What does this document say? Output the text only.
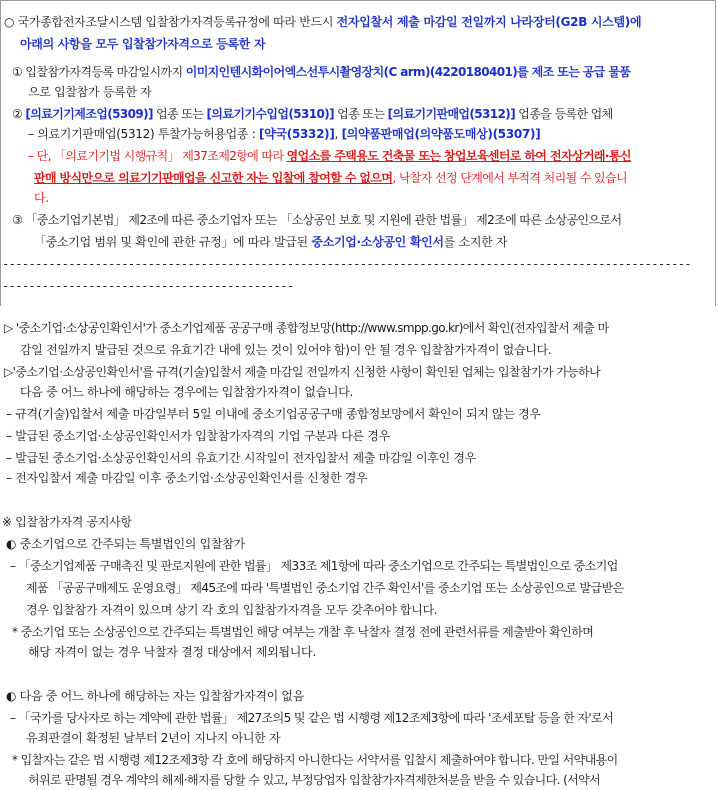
○ 국가종합전자조달시스템 입찰참가자격등록규정에 따라 반드시 전자입찰서 제출 마감일 전일까지 나라장터(G2B 시스템)에
아래의 사항을 모두 입찰참가자격으로 등록한 자
① 입찰참가자격등록 마감일시까지 이미지인텐시화이어엑스선투시촬영장치(C arm)(4220180401)를 제조 또는 공급 물품
으로 입찰참가 등록한 자
② [의료기기제조업(5309)] 업종 또는 [의료기기수입업(5310)] 업종 또는 [의료기기판매업(5312)] 업종을 등록한 업체
– 의료기기판매업(5312) 투찰가능허용업종 : [약국(5332)], [의약품판매업(의약품도매상)(5307)]
– 단, 「의료기기법 시행규칙」 제37조제2항에 따라 영업소를 주택용도 건축물 또는 창업보육센터로 하여 전자상거래·통신
판매 방식만으로 의료기기판매업을 신고한 자는 입찰에 참여할 수 없으며, 낙찰자 선정 단계에서 부적격 처리될 수 있습니
다.
③ 「중소기업기본법」 제2조에 따른 중소기업자 또는 「소상공인 보호 및 지원에 관한 법률」 제2조에 따른 소상공인으로서
「중소기업 범위 및 확인에 관한 규정」에 따라 발급된 중소기업·소상공인 확인서를 소지한 자
--------------------------------------------------------------------------------------------------------
--------------------------------------------
▷ '중소기업·소상공인확인서'가 중소기업제품 공공구매 종합정보망(http://www.smpp.go.kr)에서 확인(전자입찰서 제출 마
감일 전일까지 발급된 것으로 유효기간 내에 있는 것이 있어야 함)이 안 될 경우 입찰참가자격이 없습니다.
▷'중소기업·소상공인확인서'를 규격(기술)입찰서 제출 마감일 전일까지 신청한 사항이 확인된 업체는 입찰참가가 가능하나
다음 중 어느 하나에 해당하는 경우에는 입찰참가자격이 없습니다.
– 규격(기술)입찰서 제출 마감일부터 5일 이내에 중소기업공공구매 종합정보망에서 확인이 되지 않는 경우
– 발급된 중소기업·소상공인확인서가 입찰참가자격의 기업 구분과 다른 경우
– 발급된 중소기업·소상공인확인서의 유효기간 시작일이 전자입찰서 제출 마감일 이후인 경우
– 전자입찰서 제출 마감일 이후 중소기업·소상공인확인서를 신청한 경우
※ 입찰참가자격 공지사항
◐ 중소기업으로 간주되는 특별법인의 입찰참가
– 「중소기업제품 구매촉진 및 판로지원에 관한 법률」 제33조 제1항에 따라 중소기업으로 간주되는 특별법인으로 중소기업
제품 「공공구매제도 운영요령」 제45조에 따라 '특별법인 중소기업 간주 확인서'를 중소기업 또는 소상공인으로 발급받은
경우 입찰참가 자격이 있으며 상기 각 호의 입찰참가자격을 모두 갖추어야 합니다.
* 중소기업 또는 소상공인으로 간주되는 특별법인 해당 여부는 개찰 후 낙찰자 결정 전에 관련서류를 제출받아 확인하며
해당 자격이 없는 경우 낙찰자 결정 대상에서 제외됩니다.
◐ 다음 중 어느 하나에 해당하는 자는 입찰참가자격이 없음
– 「국가를 당사자로 하는 계약에 관한 법률」 제27조의5 및 같은 법 시행령 제12조제3항에 따라 '조세포탈 등을 한 자'로서
유죄판결이 확정된 날부터 2년이 지나지 아니한 자
* 입찰자는 같은 법 시행령 제12조제3항 각 호에 해당하지 아니한다는 서약서를 입찰시 제출하여야 합니다. 만일 서약내용이
허위로 판명될 경우 계약의 해제·해지를 당할 수 있고, 부정당업자 입찰참가자격제한처분을 받을 수 있습니다. (서약서
